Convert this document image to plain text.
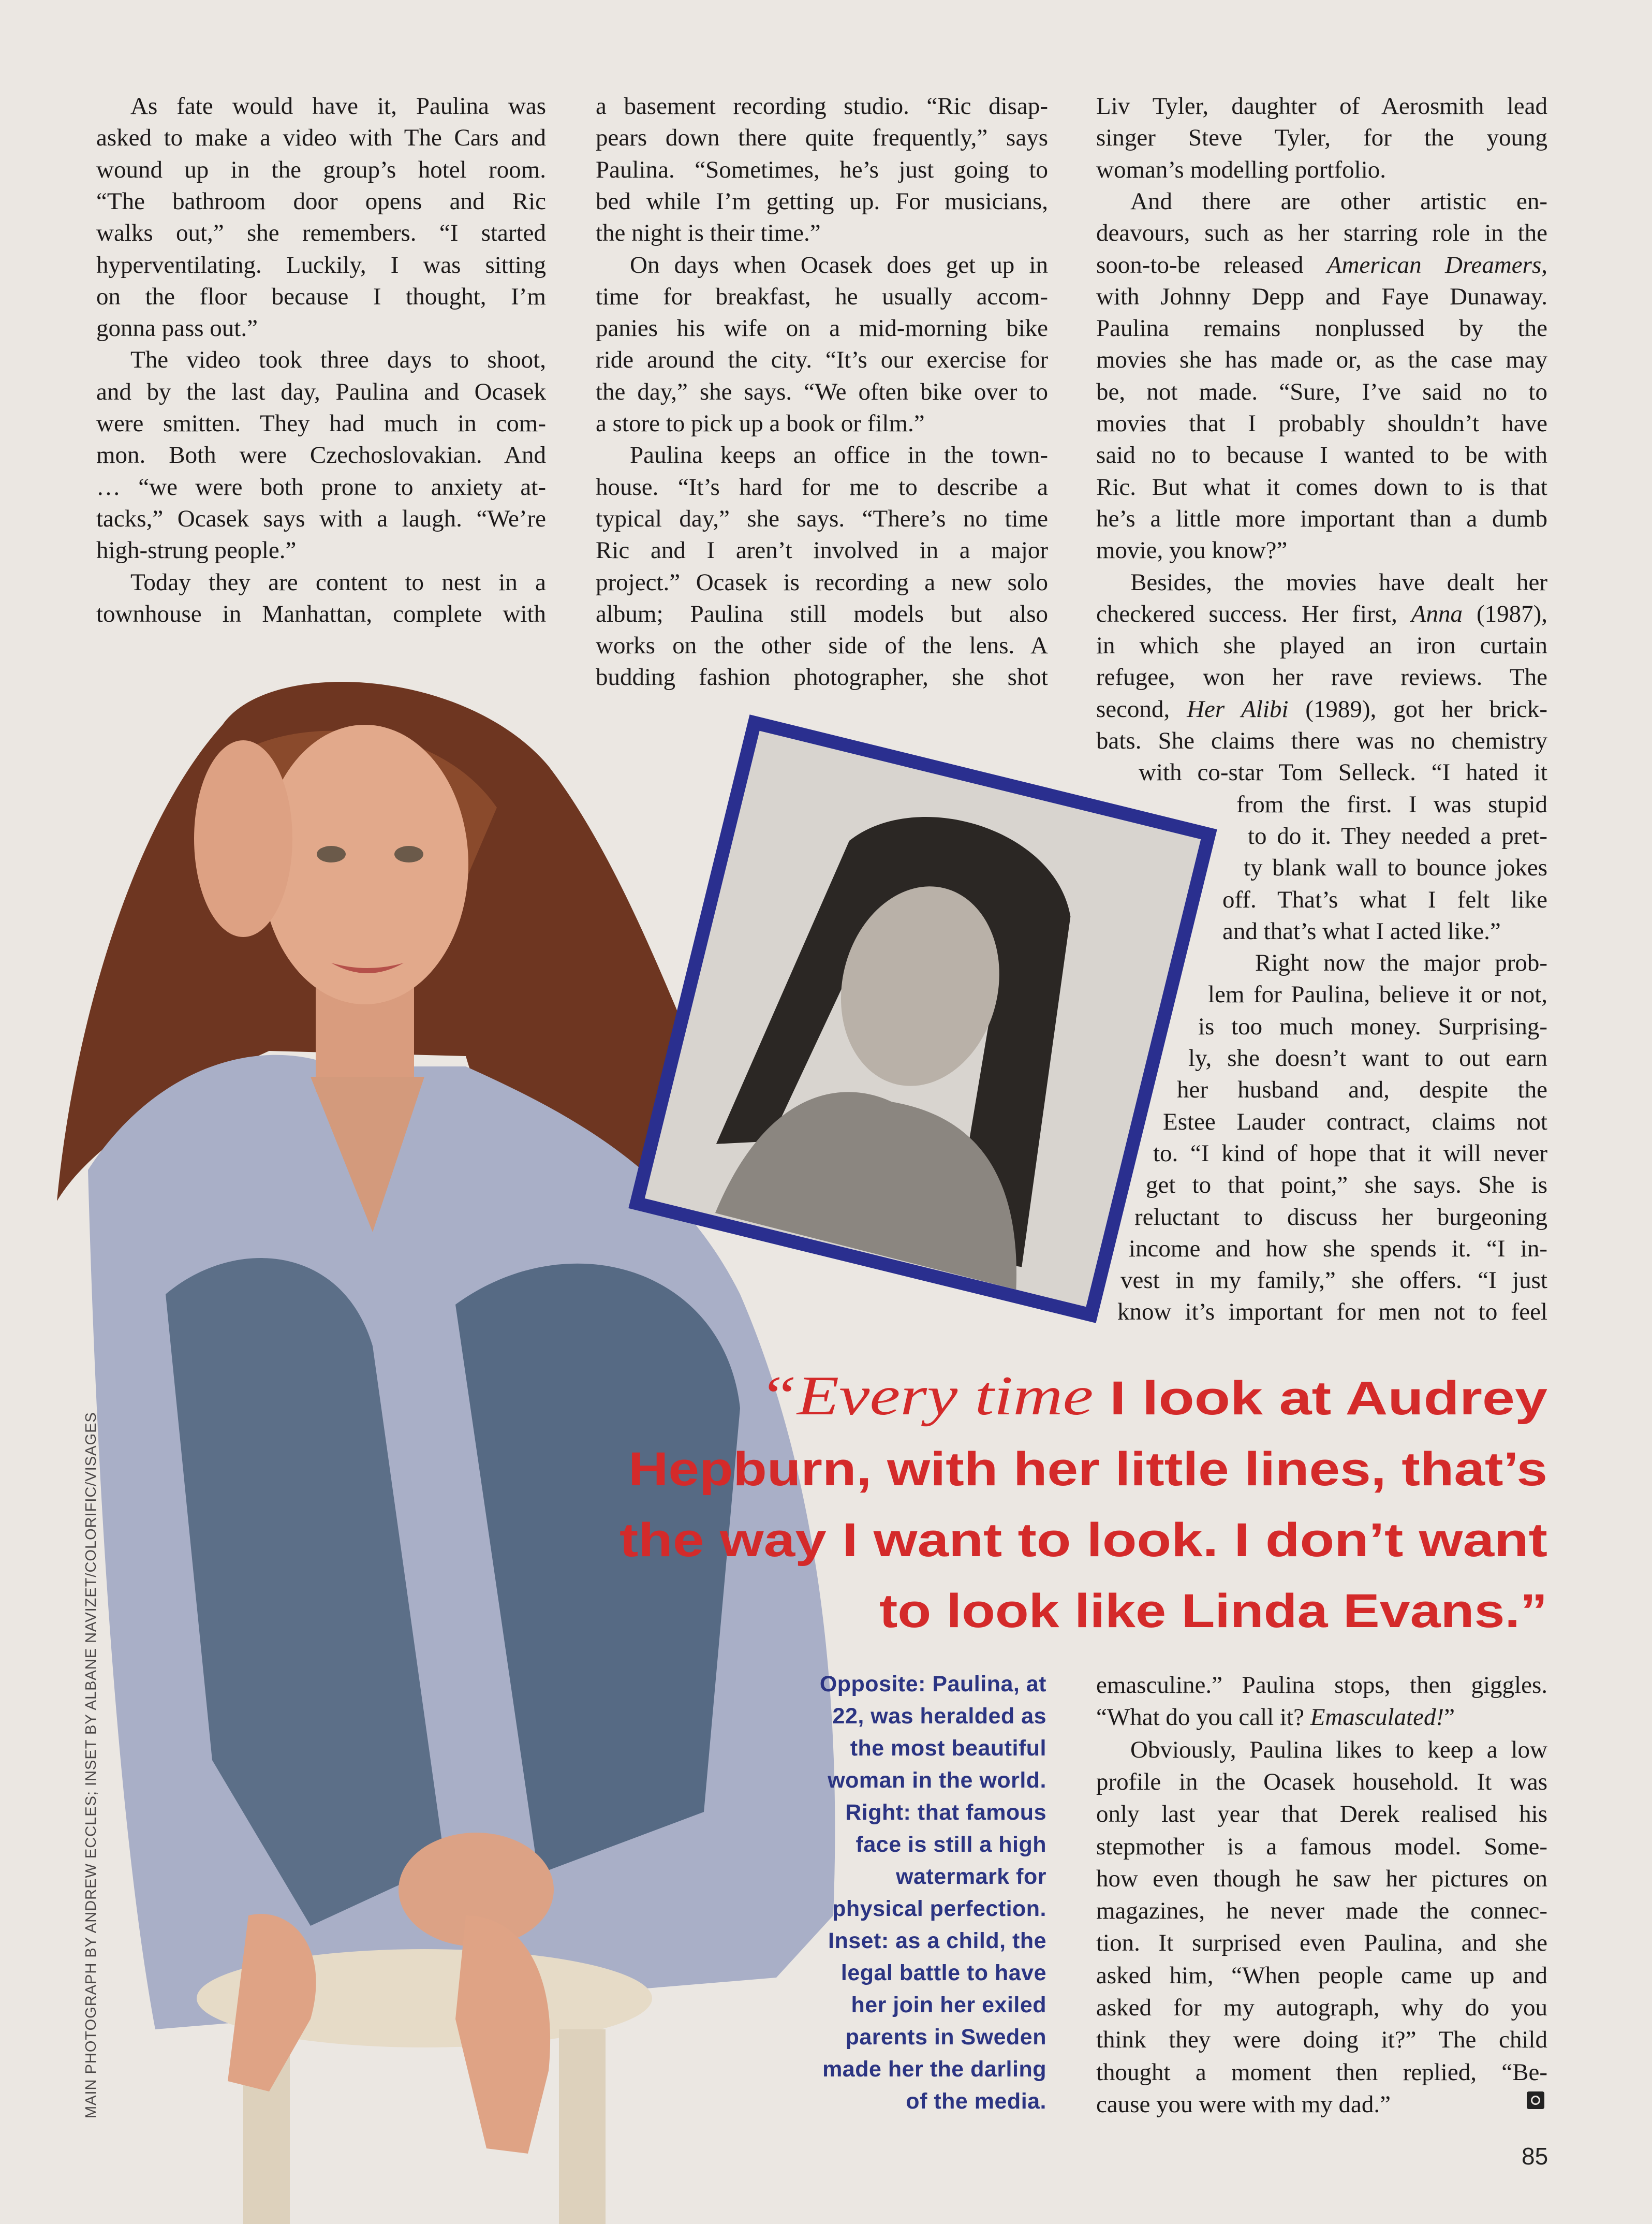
As fate would have it, Paulina was
asked to make a video with The Cars and
wound up in the group’s hotel room.
“The bathroom door opens and Ric
walks out,” she remembers. “I started
hyperventilating. Luckily, I was sitting
on the floor because I thought, I’m
gonna pass out.”
The video took three days to shoot,
and by the last day, Paulina and Ocasek
were smitten. They had much in com-
mon. Both were Czechoslovakian. And
… “we were both prone to anxiety at-
tacks,” Ocasek says with a laugh. “We’re
high-strung people.”
Today they are content to nest in a
townhouse in Manhattan, complete with
a basement recording studio. “Ric disap-
pears down there quite frequently,” says
Paulina. “Sometimes, he’s just going to
bed while I’m getting up. For musicians,
the night is their time.”
On days when Ocasek does get up in
time for breakfast, he usually accom-
panies his wife on a mid-morning bike
ride around the city. “It’s our exercise for
the day,” she says. “We often bike over to
a store to pick up a book or film.”
Paulina keeps an office in the town-
house. “It’s hard for me to describe a
typical day,” she says. “There’s no time
Ric and I aren’t involved in a major
project.” Ocasek is recording a new solo
album; Paulina still models but also
works on the other side of the lens. A
budding fashion photographer, she shot
Liv Tyler, daughter of Aerosmith lead
singer Steve Tyler, for the young
woman’s modelling portfolio.
And there are other artistic en-
deavours, such as her starring role in the
soon-to-be released American Dreamers,
with Johnny Depp and Faye Dunaway.
Paulina remains nonplussed by the
movies she has made or, as the case may
be, not made. “Sure, I’ve said no to
movies that I probably shouldn’t have
said no to because I wanted to be with
Ric. But what it comes down to is that
he’s a little more important than a dumb
movie, you know?”
Besides, the movies have dealt her
checkered success. Her first, Anna (1987),
in which she played an iron curtain
refugee, won her rave reviews. The
second, Her Alibi (1989), got her brick-
bats. She claims there was no chemistry
with co-star Tom Selleck. “I hated it
from the first. I was stupid
to do it. They needed a pret-
ty blank wall to bounce jokes
off. That’s what I felt like
and that’s what I acted like.”
Right now the major prob-
lem for Paulina, believe it or not,
is too much money. Surprising-
ly, she doesn’t want to out earn
her husband and, despite the
Estee Lauder contract, claims not
to. “I kind of hope that it will never
get to that point,” she says. She is
reluctant to discuss her burgeoning
income and how she spends it. “I in-
vest in my family,” she offers. “I just
know it’s important for men not to feel
emasculine.” Paulina stops, then giggles.
“What do you call it? Emasculated!”
Obviously, Paulina likes to keep a low
profile in the Ocasek household. It was
only last year that Derek realised his
stepmother is a famous model. Some-
how even though he saw her pictures on
magazines, he never made the connec-
tion. It surprised even Paulina, and she
asked him, “When people came up and
asked for my autograph, why do you
think they were doing it?” The child
thought a moment then replied, “Be-
cause you were with my dad.”
“Every time I look at Audrey
Hepburn, with her little lines, that’s
the way I want to look. I don’t want
to look like Linda Evans.”
Opposite: Paulina, at
22, was heralded as
the most beautiful
woman in the world.
Right: that famous
face is still a high
watermark for
physical perfection.
Inset: as a child, the
legal battle to have
her join her exiled
parents in Sweden
made her the darling
of the media.
MAIN PHOTOGRAPH BY ANDREW ECCLES; INSET BY ALBANE NAVIZET/COLORIFIC/VISAGES
85
